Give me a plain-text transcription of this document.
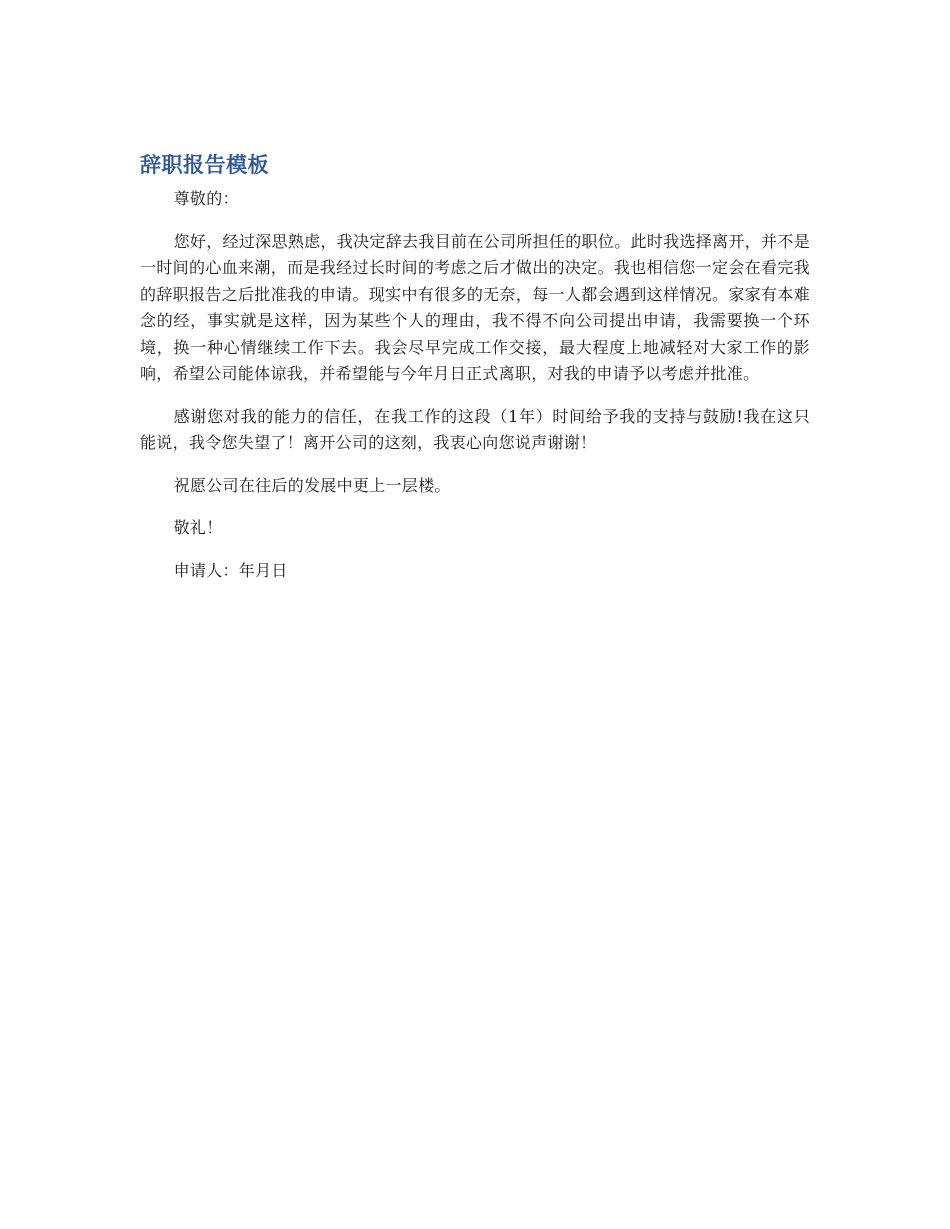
辞职报告模板

尊敬的：

您好，经过深思熟虑，我决定辞去我目前在公司所担任的职位。此时我选择离开，并不是一时间的心血来潮，而是我经过长时间的考虑之后才做出的决定。我也相信您一定会在看完我的辞职报告之后批准我的申请。现实中有很多的无奈，每一人都会遇到这样情况。家家有本难念的经，事实就是这样，因为某些个人的理由，我不得不向公司提出申请，我需要换一个环境，换一种心情继续工作下去。我会尽早完成工作交接，最大程度上地减轻对大家工作的影响，希望公司能体谅我，并希望能与今年月日正式离职，对我的申请予以考虑并批准。

感谢您对我的能力的信任，在我工作的这段（1年）时间给予我的支持与鼓励!我在这只能说，我令您失望了！离开公司的这刻，我衷心向您说声谢谢！

祝愿公司在往后的发展中更上一层楼。

敬礼！

申请人：年月日
